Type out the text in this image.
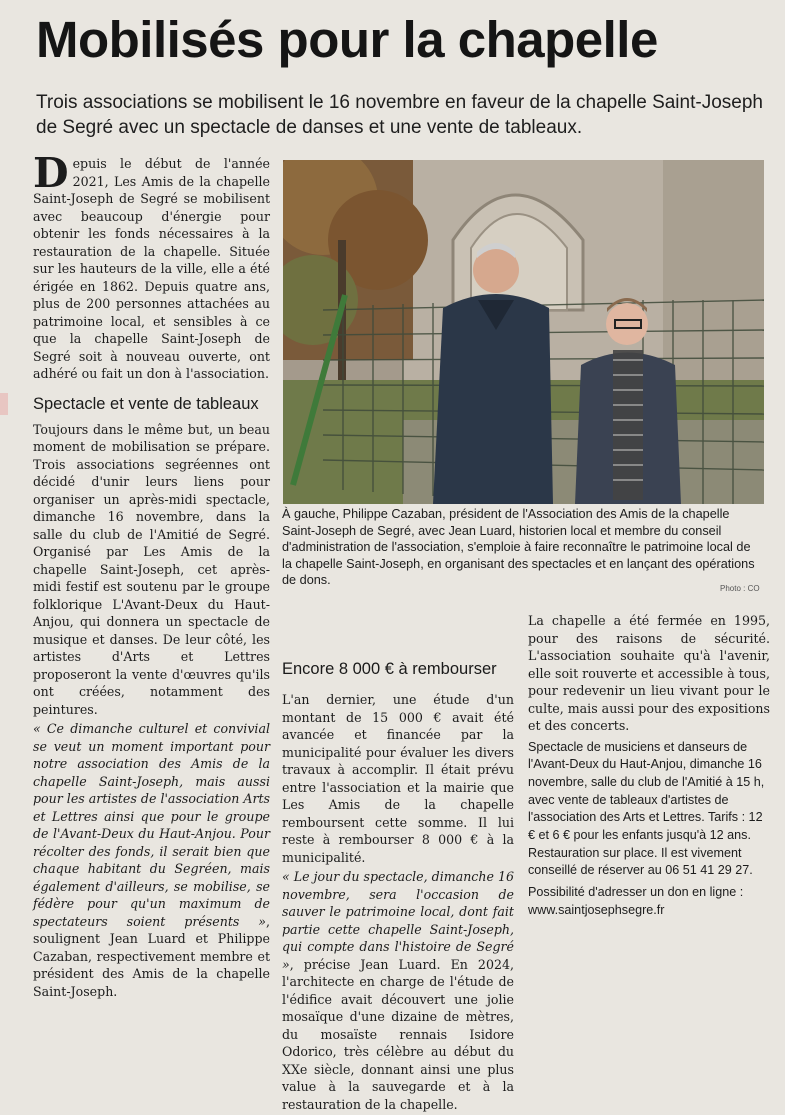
Mobilisés pour la chapelle
Trois associations se mobilisent le 16 novembre en faveur de la chapelle Saint-Joseph de Segré avec un spectacle de danses et une vente de tableaux.

Depuis le début de l'année 2021, Les Amis de la chapelle Saint-Joseph de Segré se mobilisent avec beaucoup d'énergie pour obtenir les fonds nécessaires à la restauration de la chapelle. Située sur les hauteurs de la ville, elle a été érigée en 1862. Depuis quatre ans, plus de 200 personnes attachées au patrimoine local, et sensibles à ce que la chapelle Saint-Joseph de Segré soit à nouveau ouverte, ont adhéré ou fait un don à l'association.

Spectacle et vente de tableaux

Toujours dans le même but, un beau moment de mobilisation se prépare. Trois associations segréennes ont décidé d'unir leurs liens pour organiser un après-midi spectacle, dimanche 16 novembre, dans la salle du club de l'Amitié de Segré. Organisé par Les Amis de la chapelle Saint-Joseph, cet après-midi festif est soutenu par le groupe folklorique L'Avant-Deux du Haut-Anjou, qui donnera un spectacle de musique et danses. De leur côté, les artistes d'Arts et Lettres proposeront la vente d'œuvres qu'ils ont créées, notamment des peintures.

« Ce dimanche culturel et convivial se veut un moment important pour notre association des Amis de la chapelle Saint-Joseph, mais aussi pour les artistes de l'association Arts et Lettres ainsi que pour le groupe de l'Avant-Deux du Haut-Anjou. Pour récolter des fonds, il serait bien que chaque habitant du Segréen, mais également d'ailleurs, se mobilise, se fédère pour qu'un maximum de spectateurs soient présents », soulignent Jean Luard et Philippe Cazaban, respectivement membre et président des Amis de la chapelle Saint-Joseph.

À gauche, Philippe Cazaban, président de l'Association des Amis de la chapelle Saint-Joseph de Segré, avec Jean Luard, historien local et membre du conseil d'administration de l'association, s'emploie à faire reconnaître le patrimoine local de la chapelle Saint-Joseph, en organisant des spectacles et en lançant des opérations de dons.
Photo : CO
Encore 8 000 € à rembourser

L'an dernier, une étude d'un montant de 15 000 € avait été avancée et financée par la municipalité pour évaluer les divers travaux à accomplir. Il était prévu entre l'association et la mairie que Les Amis de la chapelle remboursent cette somme. Il lui reste à rembourser 8 000 € à la municipalité.

« Le jour du spectacle, dimanche 16 novembre, sera l'occasion de sauver le patrimoine local, dont fait partie cette chapelle Saint-Joseph, qui compte dans l'histoire de Segré », précise Jean Luard. En 2024, l'architecte en charge de l'étude de l'édifice avait découvert une jolie mosaïque d'une dizaine de mètres, du mosaïste rennais Isidore Odorico, très célèbre au début du XXe siècle, donnant ainsi une plus value à la sauvegarde et à la restauration de la chapelle.

La chapelle a été fermée en 1995, pour des raisons de sécurité. L'association souhaite qu'à l'avenir, elle soit rouverte et accessible à tous, pour redevenir un lieu vivant pour le culte, mais aussi pour des expositions et des concerts.

Spectacle de musiciens et danseurs de l'Avant-Deux du Haut-Anjou, dimanche 16 novembre, salle du club de l'Amitié à 15 h, avec vente de tableaux d'artistes de l'association des Arts et Lettres. Tarifs : 12 € et 6 € pour les enfants jusqu'à 12 ans. Restauration sur place. Il est vivement conseillé de réserver au 06 51 41 29 27.
Possibilité d'adresser un don en ligne : www.saintjosephsegre.fr
